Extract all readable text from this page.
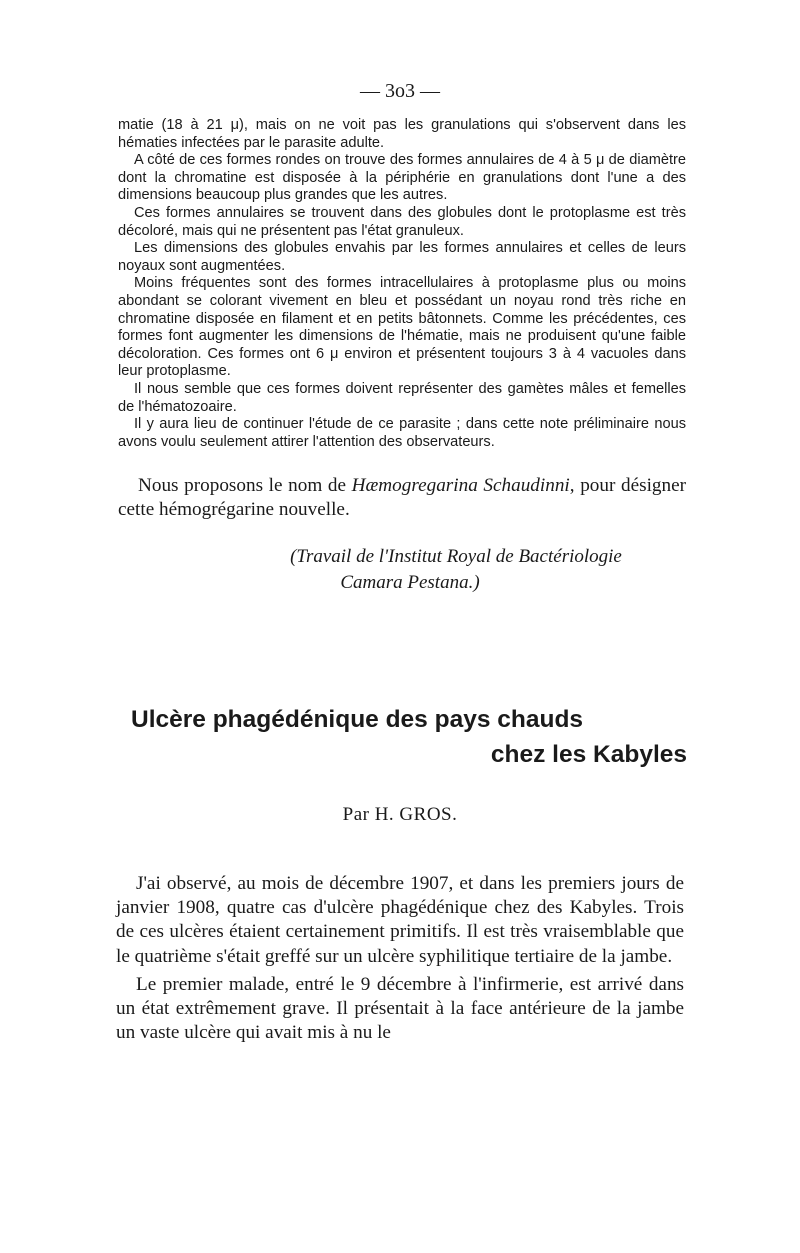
— 3o3 —

matie (18 à 21 μ), mais on ne voit pas les granulations qui s'observent dans les hématies infectées par le parasite adulte.

A côté de ces formes rondes on trouve des formes annulaires de 4 à 5 μ de diamètre dont la chromatine est disposée à la périphérie en granulations dont l'une a des dimensions beaucoup plus grandes que les autres.

Ces formes annulaires se trouvent dans des globules dont le protoplasme est très décoloré, mais qui ne présentent pas l'état granuleux.

Les dimensions des globules envahis par les formes annulaires et celles de leurs noyaux sont augmentées.

Moins fréquentes sont des formes intracellulaires à protoplasme plus ou moins abondant se colorant vivement en bleu et possédant un noyau rond très riche en chromatine disposée en filament et en petits bâtonnets. Comme les précédentes, ces formes font augmenter les dimensions de l'hématie, mais ne produisent qu'une faible décoloration. Ces formes ont 6 μ environ et présentent toujours 3 à 4 vacuoles dans leur protoplasme.

Il nous semble que ces formes doivent représenter des gamètes mâles et femelles de l'hématozoaire.

Il y aura lieu de continuer l'étude de ce parasite ; dans cette note préliminaire nous avons voulu seulement attirer l'attention des observateurs.

Nous proposons le nom de Hæmogregarina Schaudinni, pour désigner cette hémogrégarine nouvelle.

(Travail de l'Institut Royal de Bactériologie
Camara Pestana.)
Ulcère phagédénique des pays chauds
chez les Kabyles
Par H. GROS.

J'ai observé, au mois de décembre 1907, et dans les premiers jours de janvier 1908, quatre cas d'ulcère phagédénique chez des Kabyles. Trois de ces ulcères étaient certainement primitifs. Il est très vraisemblable que le quatrième s'était greffé sur un ulcère syphilitique tertiaire de la jambe.

Le premier malade, entré le 9 décembre à l'infirmerie, est arrivé dans un état extrêmement grave. Il présentait à la face antérieure de la jambe un vaste ulcère qui avait mis à nu le
